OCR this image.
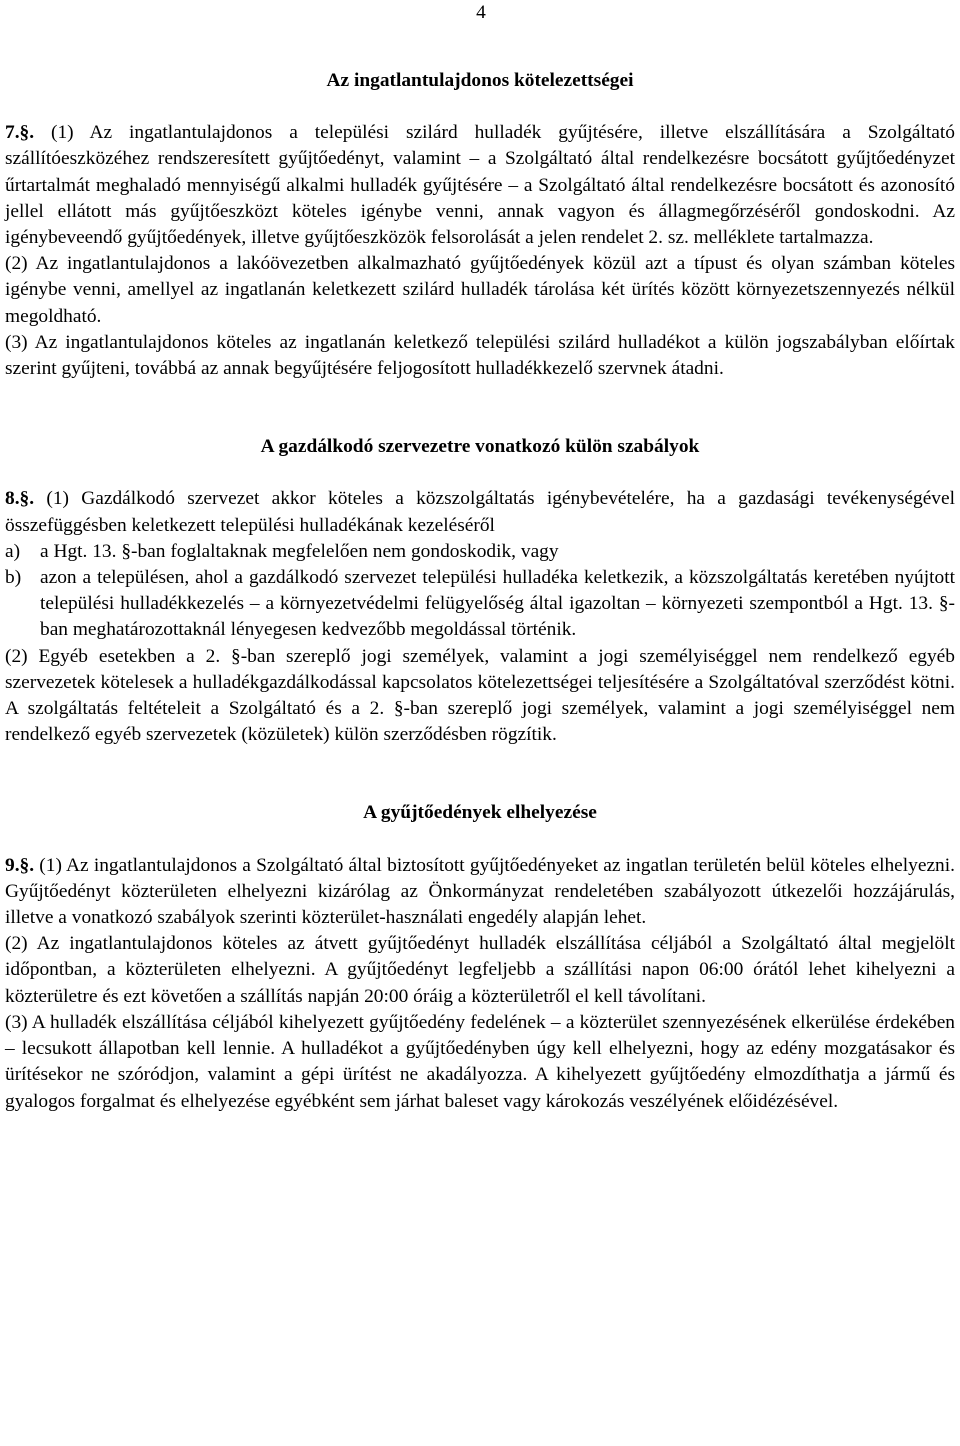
4
Az ingatlantulajdonos kötelezettségei

7.§. (1) Az ingatlantulajdonos a települési szilárd hulladék gyűjtésére, illetve elszállítására a Szolgáltató szállítóeszközéhez rendszeresített gyűjtőedényt, valamint – a Szolgáltató által rendelkezésre bocsátott gyűjtőedényzet űrtartalmát meghaladó mennyiségű alkalmi hulladék gyűjtésére – a Szolgáltató által rendelkezésre bocsátott és azonosító jellel ellátott más gyűjtőeszközt köteles igénybe venni, annak vagyon és állagmegőrzéséről gondoskodni. Az igénybeveendő gyűjtőedények, illetve gyűjtőeszközök felsorolását a jelen rendelet 2. sz. melléklete tartalmazza.

(2) Az ingatlantulajdonos a lakóövezetben alkalmazható gyűjtőedények közül azt a típust és olyan számban köteles igénybe venni, amellyel az ingatlanán keletkezett szilárd hulladék tárolása két ürítés között környezetszennyezés nélkül megoldható.

(3) Az ingatlantulajdonos köteles az ingatlanán keletkező települési szilárd hulladékot a külön jogszabályban előírtak szerint gyűjteni, továbbá az annak begyűjtésére feljogosított hulladékkezelő szervnek átadni.

A gazdálkodó szervezetre vonatkozó külön szabályok

8.§. (1) Gazdálkodó szervezet akkor köteles a közszolgáltatás igénybevételére, ha a gazdasági tevékenységével összefüggésben keletkezett települési hulladékának kezeléséről

a)	a Hgt. 13. §-ban foglaltaknak megfelelően nem gondoskodik, vagy
b) azon a településen, ahol a gazdálkodó szervezet települési hulladéka keletkezik, a közszolgáltatás keretében nyújtott települési hulladékkezelés – a környezetvédelmi felügyelőség által igazoltan – környezeti szempontból a Hgt. 13. §-ban meghatározottaknál lényegesen kedvezőbb megoldással történik.

(2) Egyéb esetekben a 2. §-ban szereplő jogi személyek, valamint a jogi személyiséggel nem rendelkező egyéb szervezetek kötelesek a hulladékgazdálkodással kapcsolatos kötelezettségei teljesítésére a Szolgáltatóval szerződést kötni. A szolgáltatás feltételeit a Szolgáltató és a 2. §-ban szereplő jogi személyek, valamint a jogi személyiséggel nem rendelkező egyéb szervezetek (közületek) külön szerződésben rögzítik.

A gyűjtőedények elhelyezése

9.§. (1) Az ingatlantulajdonos a Szolgáltató által biztosított gyűjtőedényeket az ingatlan területén belül köteles elhelyezni. Gyűjtőedényt közterületen elhelyezni kizárólag az Önkormányzat rendeletében szabályozott útkezelői hozzájárulás, illetve a vonatkozó szabályok szerinti közterület-használati engedély alapján lehet.

(2) Az ingatlantulajdonos köteles az átvett gyűjtőedényt hulladék elszállítása céljából a Szolgáltató által megjelölt időpontban, a közterületen elhelyezni. A gyűjtőedényt legfeljebb a szállítási napon 06:00 órától lehet kihelyezni a közterületre és ezt követően a szállítás napján 20:00 óráig a közterületről el kell távolítani.

(3) A hulladék elszállítása céljából kihelyezett gyűjtőedény fedelének – a közterület szennyezésének elkerülése érdekében – lecsukott állapotban kell lennie. A hulladékot a gyűjtőedényben úgy kell elhelyezni, hogy az edény mozgatásakor és ürítésekor ne szóródjon, valamint a gépi ürítést ne akadályozza. A kihelyezett gyűjtőedény elmozdíthatja a jármű és gyalogos forgalmat és elhelyezése egyébként sem járhat baleset vagy károkozás veszélyének előidézésével.
